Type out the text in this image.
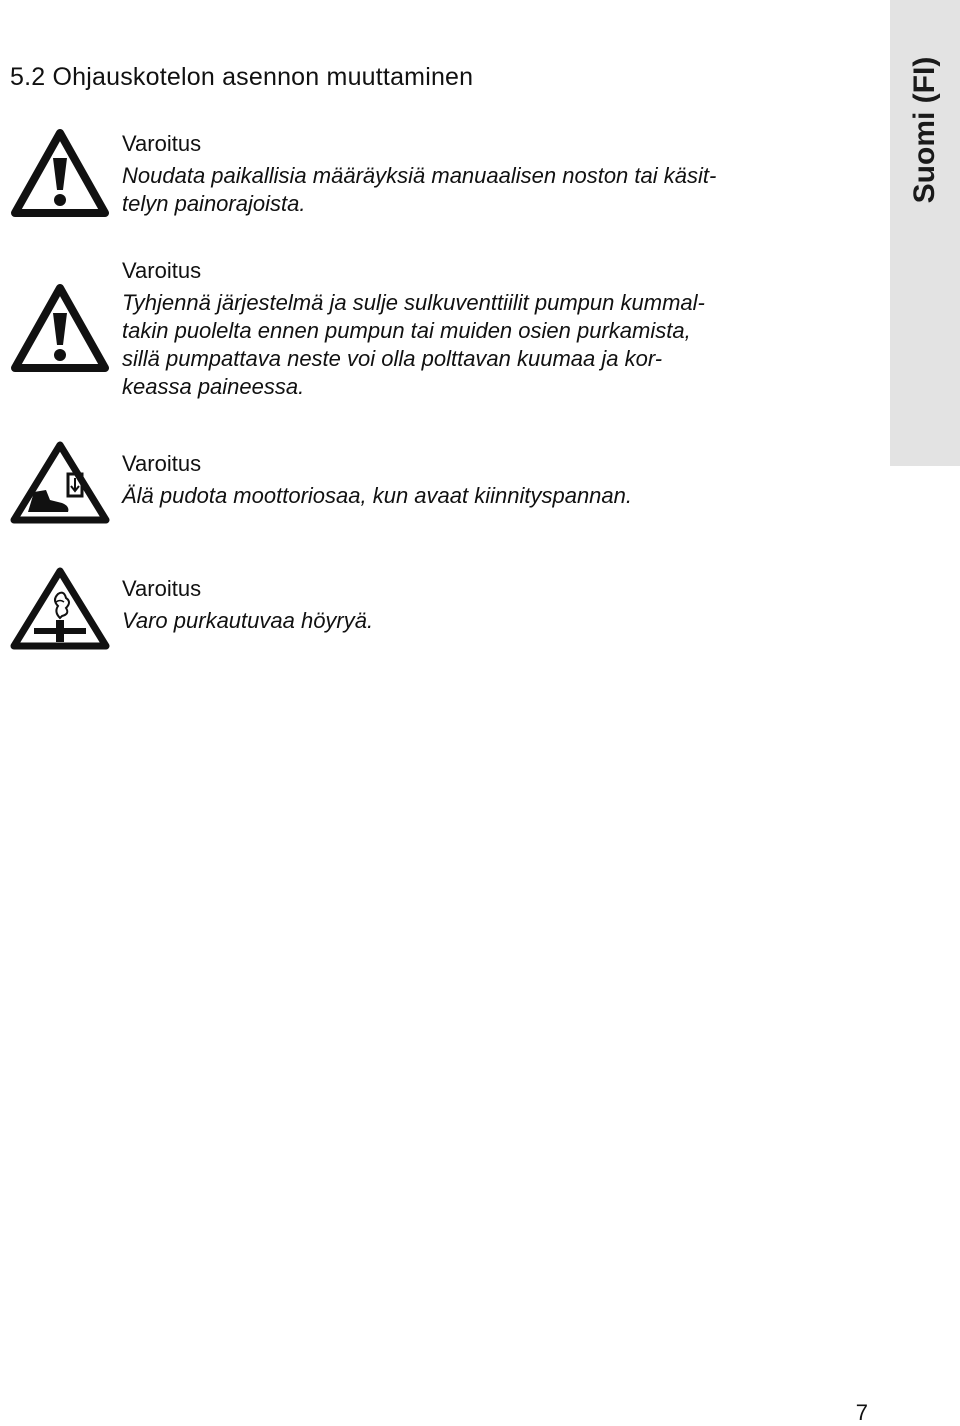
5.2 Ohjauskotelon asennon muuttaminen	Suomi (FI)

Varoitus

Noudata paikallisia määräyksiä manuaalisen noston tai käsit-
telyn painorajoista.

Varoitus

Tyhjennä järjestelmä ja sulje sulkuventtiilit pumpun kummal-
takin puolelta ennen pumpun tai muiden osien purkamista,
sillä pumpattava neste voi olla polttavan kuumaa ja kor-
keassa paineessa.

Varoitus

Älä pudota moottoriosaa, kun avaat kiinnityspannan.

Varoitus

Varo purkautuvaa höyryä.

7
